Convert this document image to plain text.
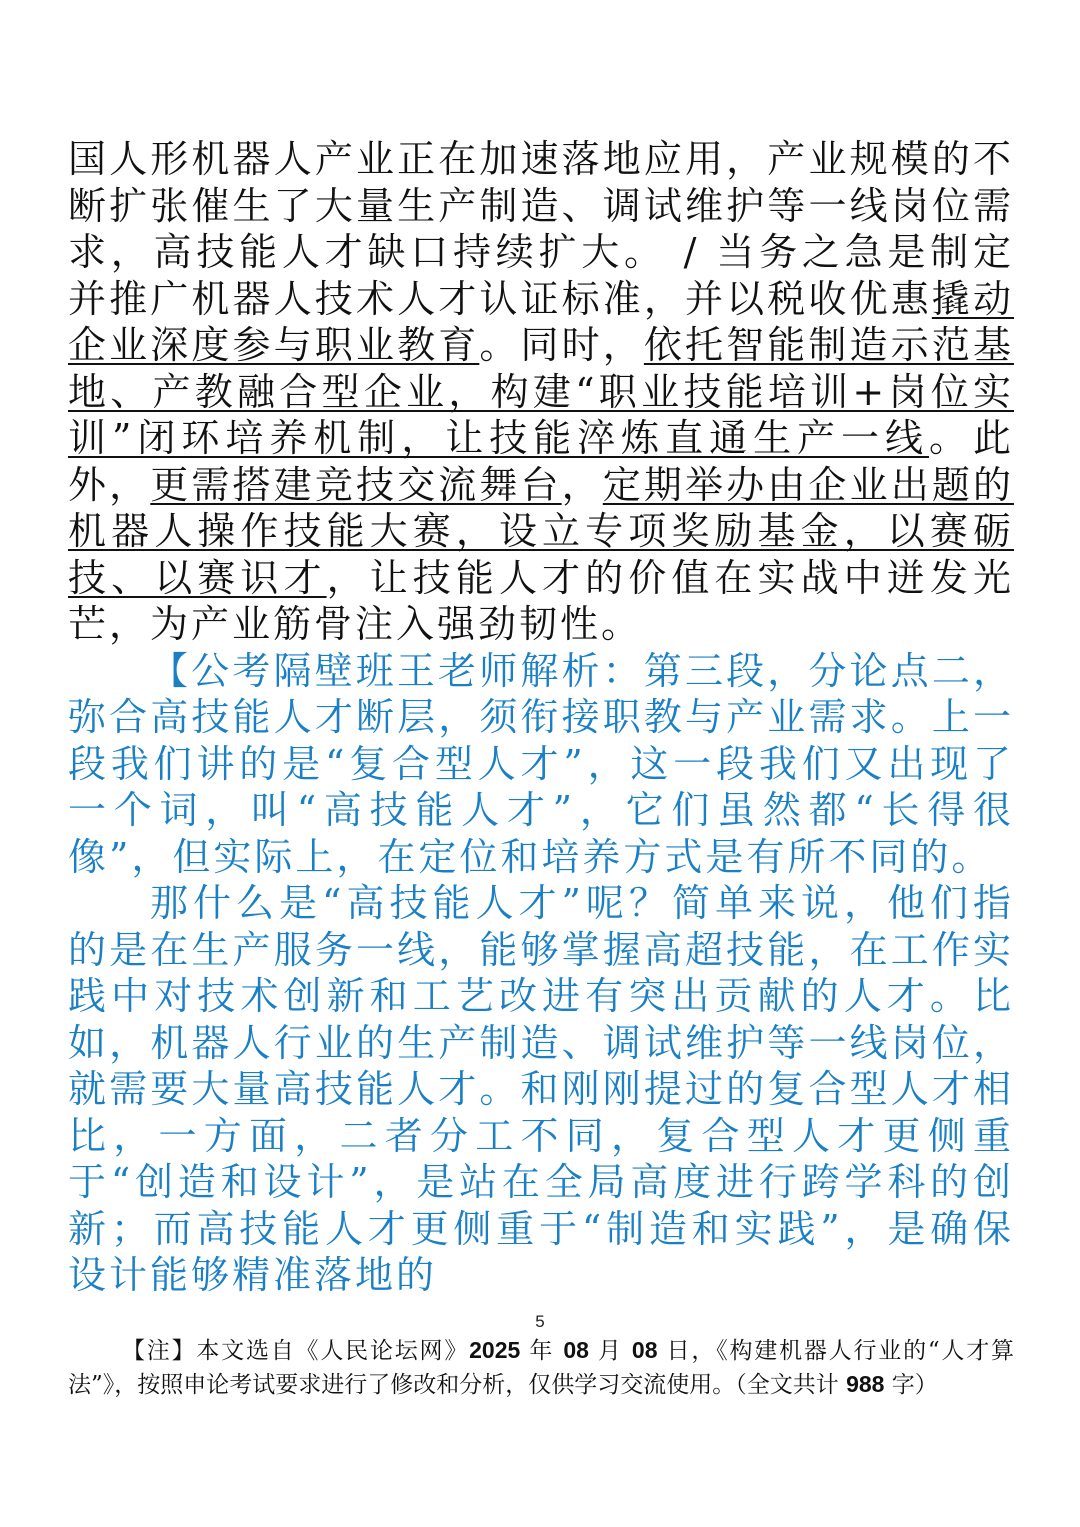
国人形机器人产业正在加速落地应用，产业规模的不断扩张催生了大量生产制造、调试维护等一线岗位需求，高技能人才缺口持续扩大。 / 当务之急是制定并推广机器人技术人才认证标准，并以税收优惠撬动企业深度参与职业教育。同时，依托智能制造示范基地、产教融合型企业，构建“职业技能培训+岗位实训”闭环培养机制，让技能淬炼直通生产一线。此外，更需搭建竞技交流舞台，定期举办由企业出题的机器人操作技能大赛，设立专项奖励基金，以赛砺技、以赛识才，让技能人才的价值在实战中迸发光芒，为产业筋骨注入强劲韧性。

【公考隔壁班王老师解析：第三段，分论点二，弥合高技能人才断层，须衔接职教与产业需求。上一段我们讲的是“复合型人才”，这一段我们又出现了一个词，叫“高技能人才”，它们虽然都“长得很像”，但实际上，在定位和培养方式是有所不同的。

那什么是“高技能人才”呢？简单来说，他们指的是在生产服务一线，能够掌握高超技能，在工作实践中对技术创新和工艺改进有突出贡献的人才。比如，机器人行业的生产制造、调试维护等一线岗位，就需要大量高技能人才。和刚刚提过的复合型人才相比，一方面，二者分工不同，复合型人才更侧重于“创造和设计”，是站在全局高度进行跨学科的创新；而高技能人才更侧重于“制造和实践”，是确保设计能够精准落地的

5
【注】本文选自《人民论坛网》2025 年 08 月 08 日，《构建机器人行业的“人才算法”》，按照申论考试要求进行了修改和分析，仅供学习交流使用。（全文共计 988 字）
